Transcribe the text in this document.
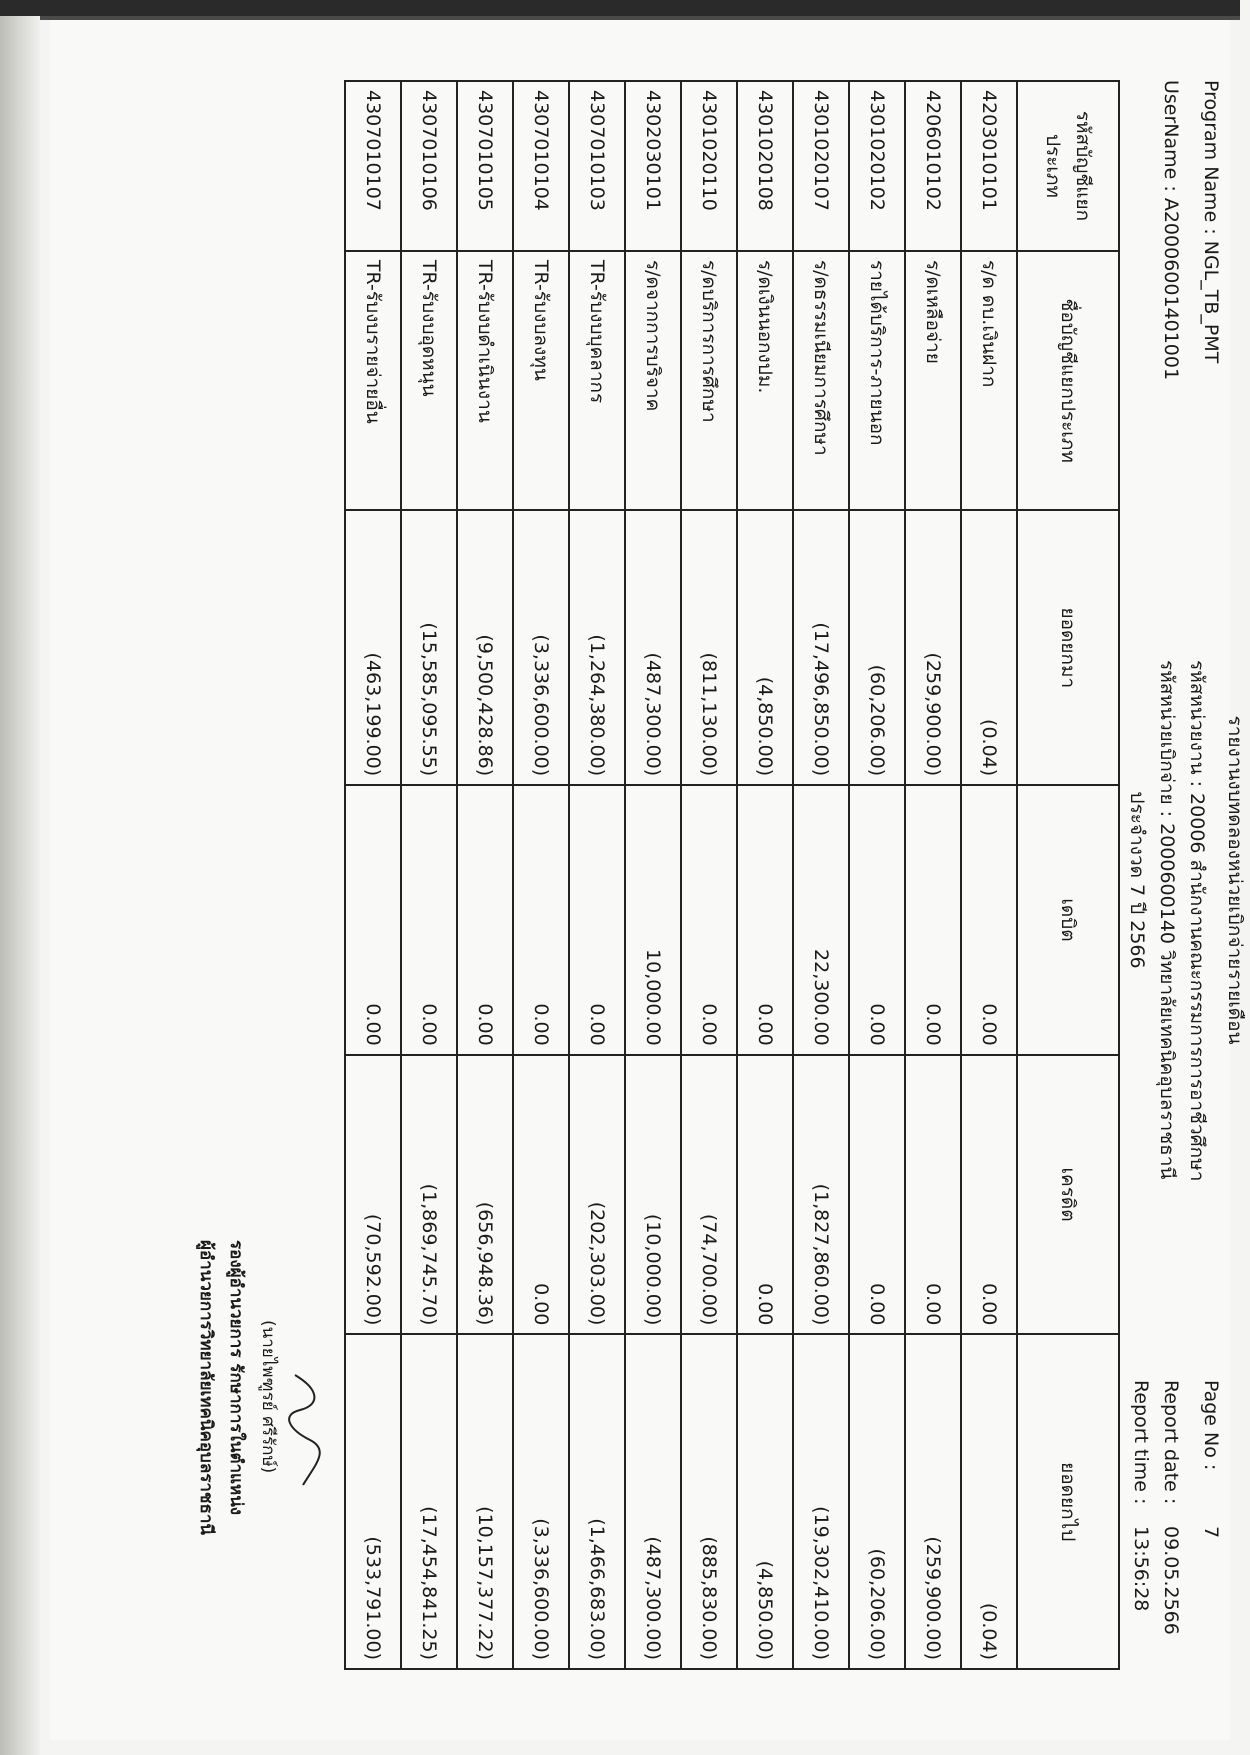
Program Name : NGL_TB_PMT
UserName : A20006001401001
รายงานงบทดลองหน่วยเบิกจ่ายรายเดือน
รหัสหน่วยงาน : 20006 สำนักงานคณะกรรมการการอาชีวศึกษา
รหัสหน่วยเบิกจ่าย : 2000600140 วิทยาลัยเทคนิคอุบลราชธานี
ประจำงวด 7 ปี 2566
Page No : 7
Report date : 09.05.2566
Report time : 13:56:28
รหัสบัญชีแยกประเภท	ชื่อบัญชีแยกประเภท	ยอดยกมา	เดบิต	เครดิต	ยอดยกไป
4203010101	ร/ด ดบ.เงินฝาก	(0.04)	0.00	0.00	(0.04)
4206010102	ร/ดเหลือจ่าย	(259,900.00)	0.00	0.00	(259,900.00)
4301020102	รายได้บริการ-ภายนอก	(60,206.00)	0.00	0.00	(60,206.00)
4301020107	ร/ดธรรมเนียมการศึกษา	(17,496,850.00)	22,300.00	(1,827,860.00)	(19,302,410.00)
4301020108	ร/ดเงินนอกงปม.	(4,850.00)	0.00	0.00	(4,850.00)
4301020110	ร/ดบริการการศึกษา	(811,130.00)	0.00	(74,700.00)	(885,830.00)
4302030101	ร/ดจากการบริจาค	(487,300.00)	10,000.00	(10,000.00)	(487,300.00)
4307010103	TR-รับงบบุคลากร	(1,264,380.00)	0.00	(202,303.00)	(1,466,683.00)
4307010104	TR-รับงบลงทุน	(3,336,600.00)	0.00	0.00	(3,336,600.00)
4307010105	TR-รับงบดำเนินงาน	(9,500,428.86)	0.00	(656,948.36)	(10,157,377.22)
4307010106	TR-รับงบอุดหนุน	(15,585,095.55)	0.00	(1,869,745.70)	(17,454,841.25)
4307010107	TR-รับงบรายจ่ายอื่น	(463,199.00)	0.00	(70,592.00)	(533,791.00)
(นายไพฑูรย์ ศรีรักษ์)
รองผู้อำนวยการ รักษาการในตำแหน่ง
ผู้อำนวยการวิทยาลัยเทคนิคอุบลราชธานี
